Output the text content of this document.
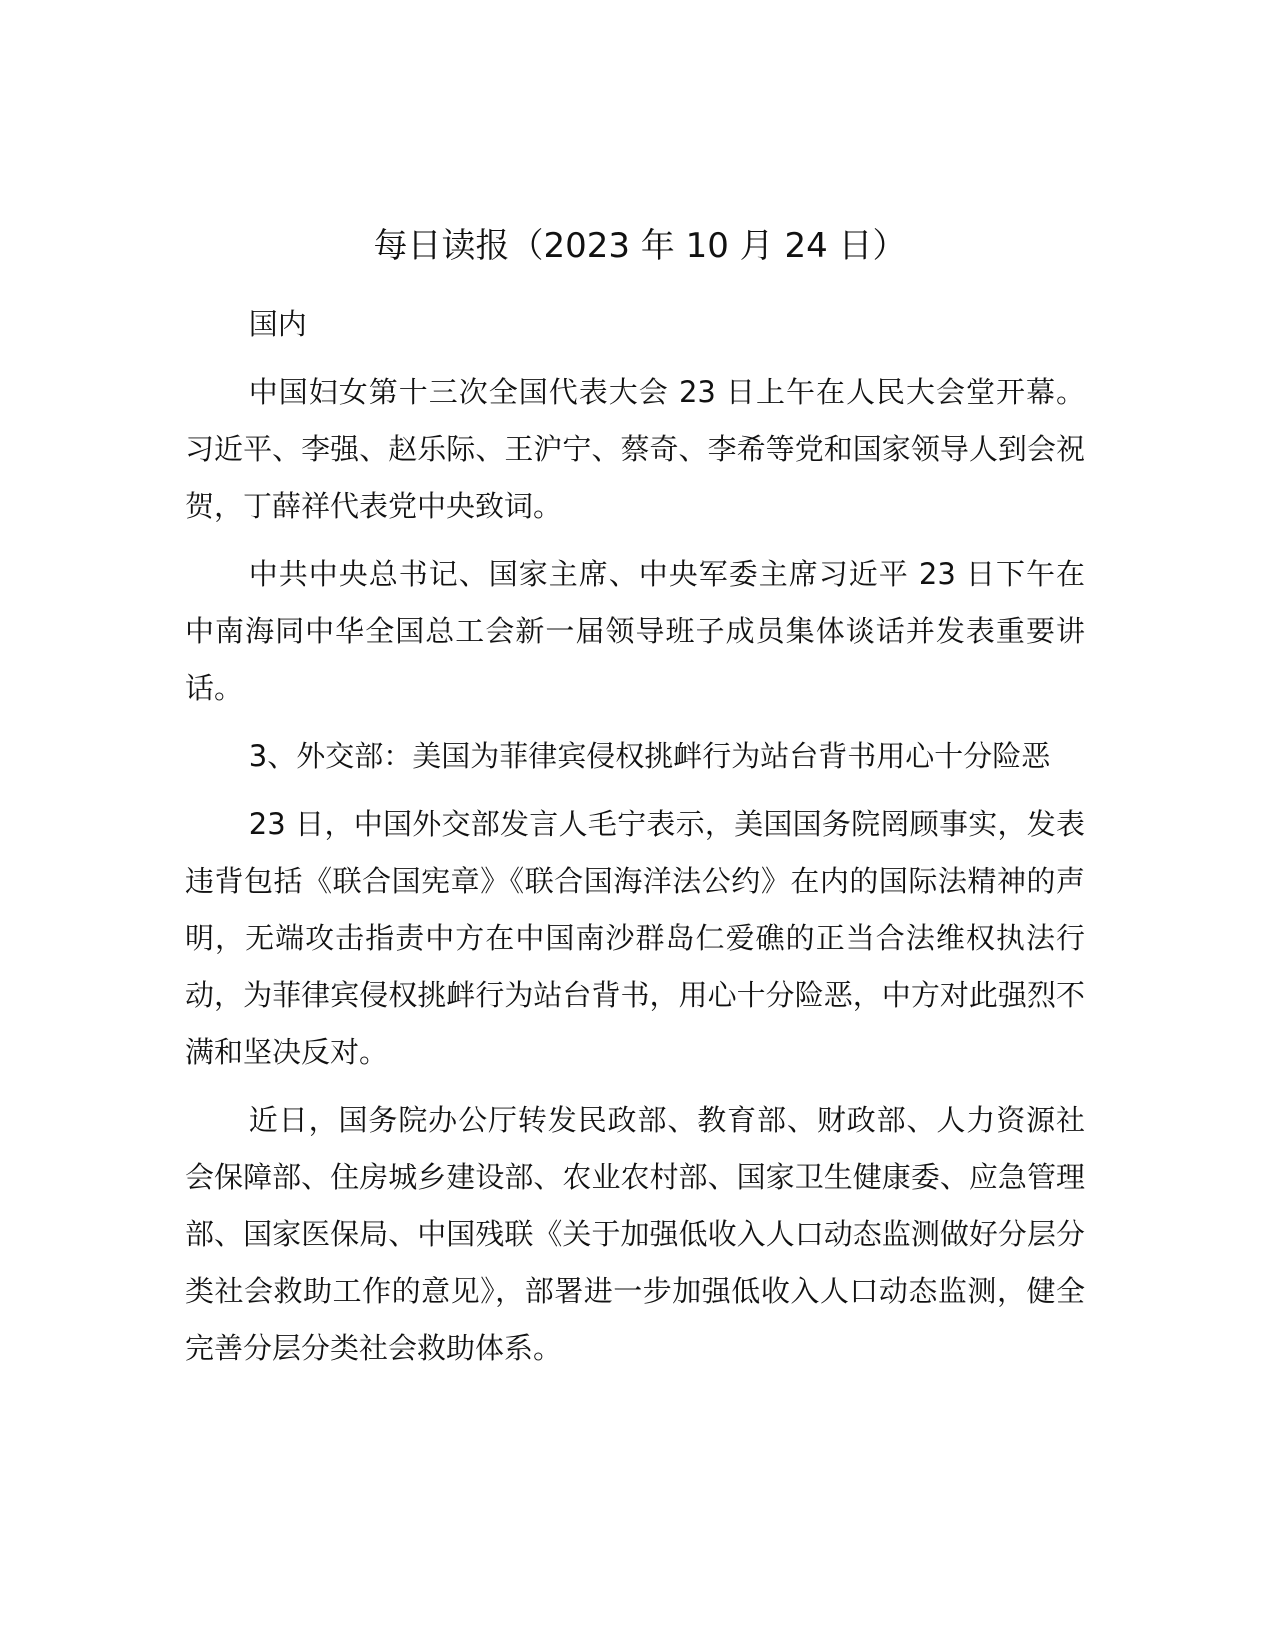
每日读报（2023 年 10 月 24 日）

国内

中国妇女第十三次全国代表大会 23 日上午在人民大会堂开幕。习近平、李强、赵乐际、王沪宁、蔡奇、李希等党和国家领导人到会祝贺，丁薛祥代表党中央致词。

中共中央总书记、国家主席、中央军委主席习近平 23 日下午在中南海同中华全国总工会新一届领导班子成员集体谈话并发表重要讲话。

3、外交部：美国为菲律宾侵权挑衅行为站台背书用心十分险恶

23 日，中国外交部发言人毛宁表示，美国国务院罔顾事实，发表违背包括《联合国宪章》《联合国海洋法公约》在内的国际法精神的声明，无端攻击指责中方在中国南沙群岛仁爱礁的正当合法维权执法行动，为菲律宾侵权挑衅行为站台背书，用心十分险恶，中方对此强烈不满和坚决反对。

近日，国务院办公厅转发民政部、教育部、财政部、人力资源社会保障部、住房城乡建设部、农业农村部、国家卫生健康委、应急管理部、国家医保局、中国残联《关于加强低收入人口动态监测做好分层分类社会救助工作的意见》，部署进一步加强低收入人口动态监测，健全完善分层分类社会救助体系。
